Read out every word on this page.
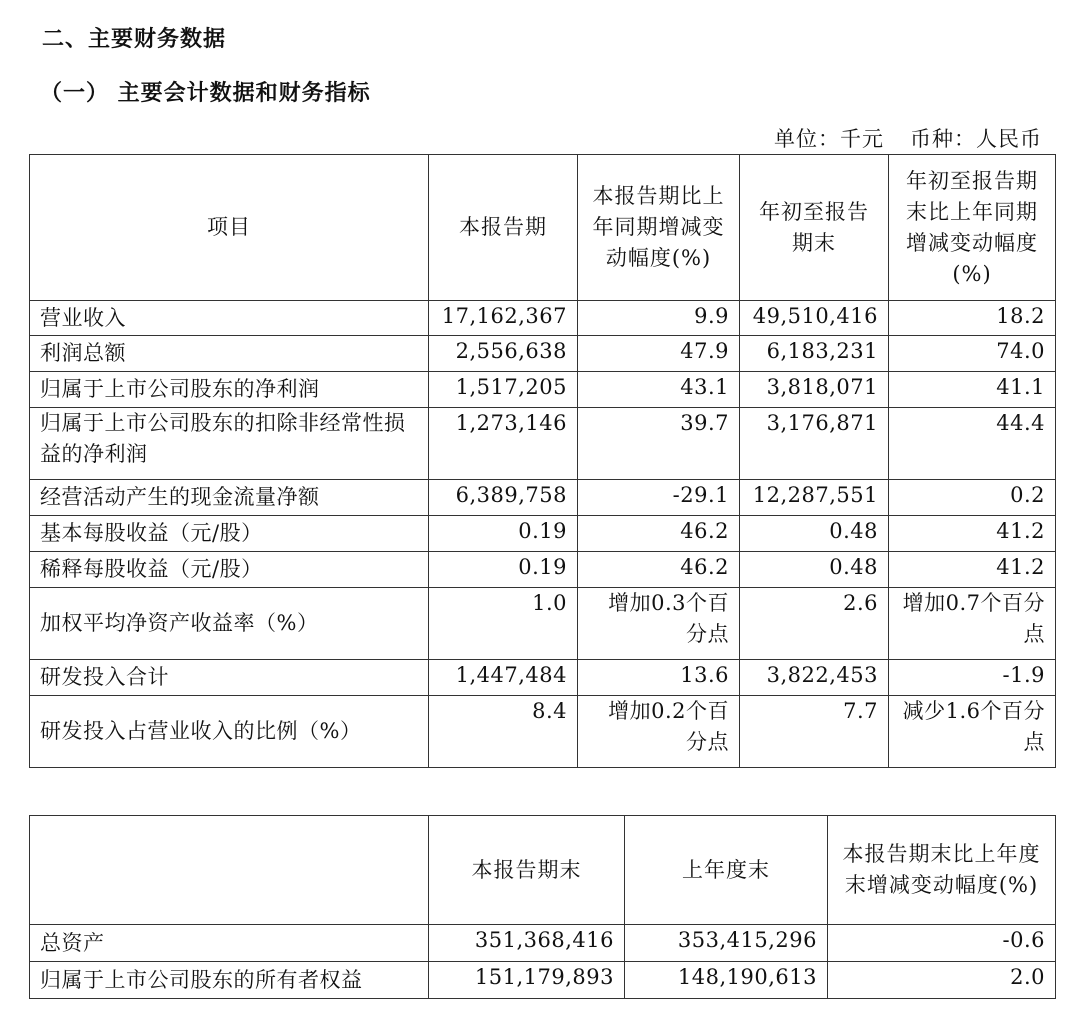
二、主要财务数据
（一） 主要会计数据和财务指标
单位：千元 币种：人民币
项目	本报告期	本报告期比上年同期增减变动幅度(%)	年初至报告期末	年初至报告期末比上年同期增减变动幅度(%)
营业收入	17,162,367	9.9	49,510,416	18.2
利润总额	2,556,638	47.9	6,183,231	74.0
归属于上市公司股东的净利润	1,517,205	43.1	3,818,071	41.1
归属于上市公司股东的扣除非经常性损益的净利润	1,273,146	39.7	3,176,871	44.4
经营活动产生的现金流量净额	6,389,758	-29.1	12,287,551	0.2
基本每股收益（元/股）	0.19	46.2	0.48	41.2
稀释每股收益（元/股）	0.19	46.2	0.48	41.2
加权平均净资产收益率（%）	1.0	增加0.3个百分点	2.6	增加0.7个百分点
研发投入合计	1,447,484	13.6	3,822,453	-1.9
研发投入占营业收入的比例（%）	8.4	增加0.2个百分点	7.7	减少1.6个百分点
	本报告期末	上年度末	本报告期末比上年度末增减变动幅度(%)
总资产	351,368,416	353,415,296	-0.6
归属于上市公司股东的所有者权益	151,179,893	148,190,613	2.0
